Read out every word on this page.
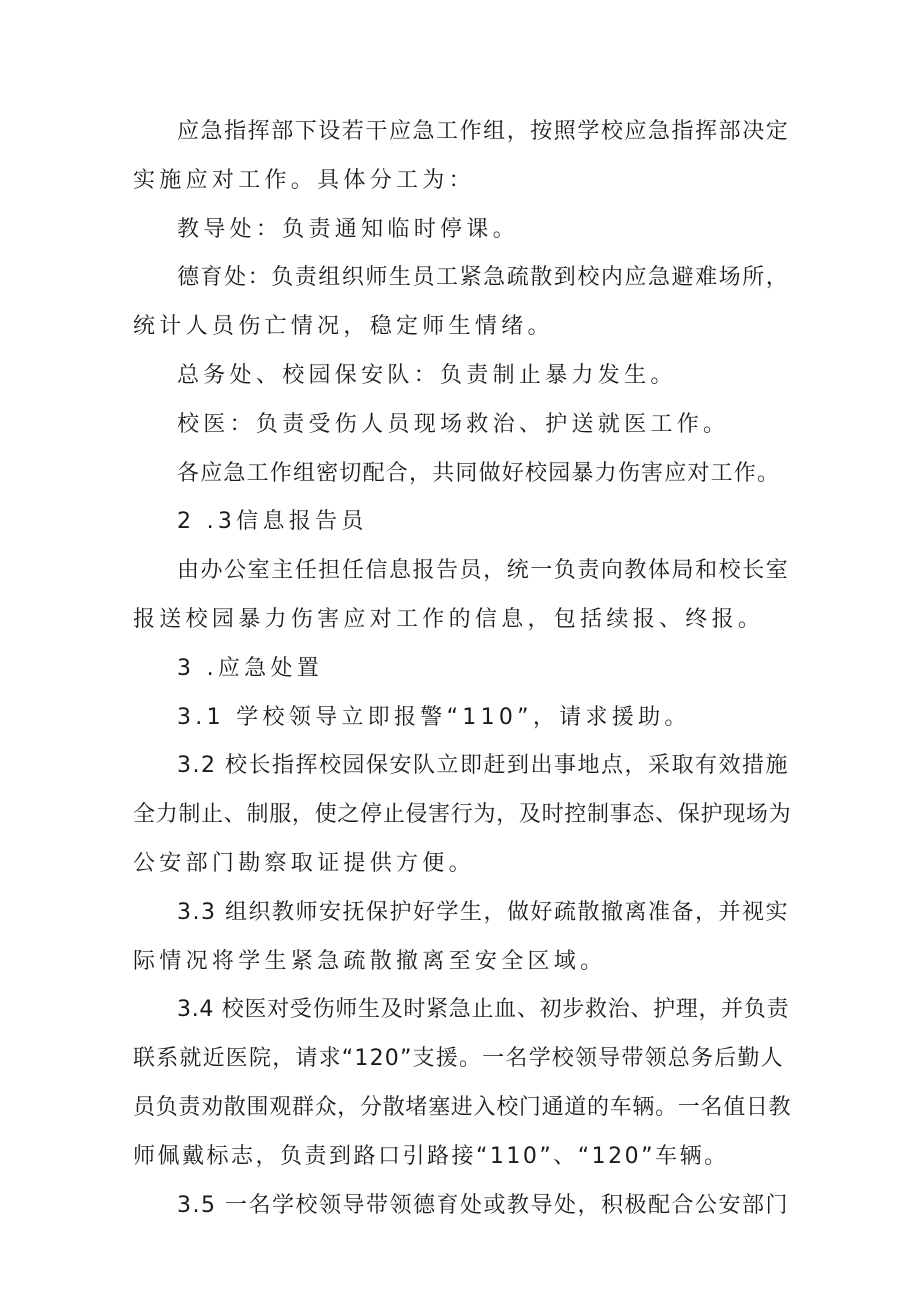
应急指挥部下设若干应急工作组，按照学校应急指挥部决定
实施应对工作。具体分工为：
教导处：负责通知临时停课。
德育处：负责组织师生员工紧急疏散到校内应急避难场所，
统计人员伤亡情况，稳定师生情绪。
总务处、校园保安队：负责制止暴力发生。
校医：负责受伤人员现场救治、护送就医工作。
各应急工作组密切配合，共同做好校园暴力伤害应对工作。
2 .3信息报告员
由办公室主任担任信息报告员，统一负责向教体局和校长室
报送校园暴力伤害应对工作的信息，包括续报、终报。
3 .应急处置
3.1 学校领导立即报警“110”，请求援助。
3.2 校长指挥校园保安队立即赶到出事地点，采取有效措施
全力制止、制服，使之停止侵害行为，及时控制事态、保护现场为
公安部门勘察取证提供方便。
3.3 组织教师安抚保护好学生，做好疏散撤离准备，并视实
际情况将学生紧急疏散撤离至安全区域。
3.4 校医对受伤师生及时紧急止血、初步救治、护理，并负责
联系就近医院，请求“120”支援。一名学校领导带领总务后勤人
员负责劝散围观群众，分散堵塞进入校门通道的车辆。一名值日教
师佩戴标志，负责到路口引路接“110”、“120”车辆。
3.5 一名学校领导带领德育处或教导处，积极配合公安部门
